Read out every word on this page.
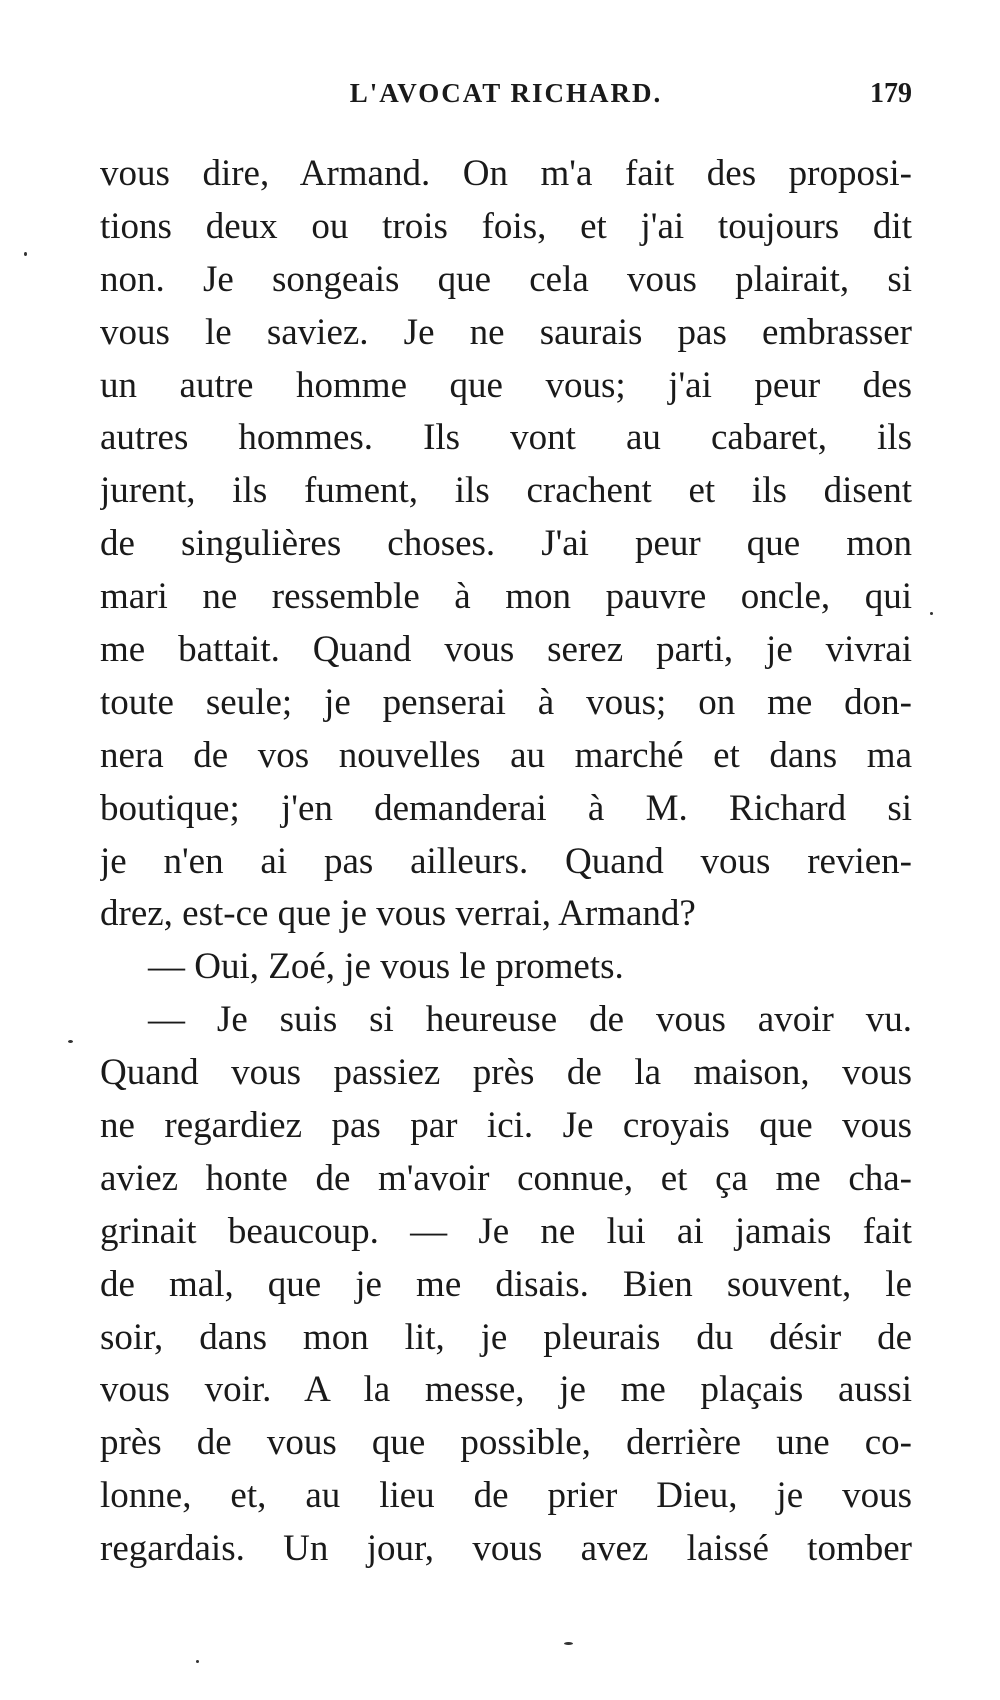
L'AVOCAT RICHARD.	179
vous dire, Armand. On m'a fait des proposi-
tions deux ou trois fois, et j'ai toujours dit
non. Je songeais que cela vous plairait, si
vous le saviez. Je ne saurais pas embrasser
un autre homme que vous; j'ai peur des
autres hommes. Ils vont au cabaret, ils
jurent, ils fument, ils crachent et ils disent
de singulières choses. J'ai peur que mon
mari ne ressemble à mon pauvre oncle, qui
me battait. Quand vous serez parti, je vivrai
toute seule; je penserai à vous; on me don-
nera de vos nouvelles au marché et dans ma
boutique; j'en demanderai à M. Richard si
je n'en ai pas ailleurs. Quand vous revien-
drez, est-ce que je vous verrai, Armand?
— Oui, Zoé, je vous le promets.
— Je suis si heureuse de vous avoir vu.
Quand vous passiez près de la maison, vous
ne regardiez pas par ici. Je croyais que vous
aviez honte de m'avoir connue, et ça me cha-
grinait beaucoup. — Je ne lui ai jamais fait
de mal, que je me disais. Bien souvent, le
soir, dans mon lit, je pleurais du désir de
vous voir. A la messe, je me plaçais aussi
près de vous que possible, derrière une co-
lonne, et, au lieu de prier Dieu, je vous
regardais. Un jour, vous avez laissé tomber
